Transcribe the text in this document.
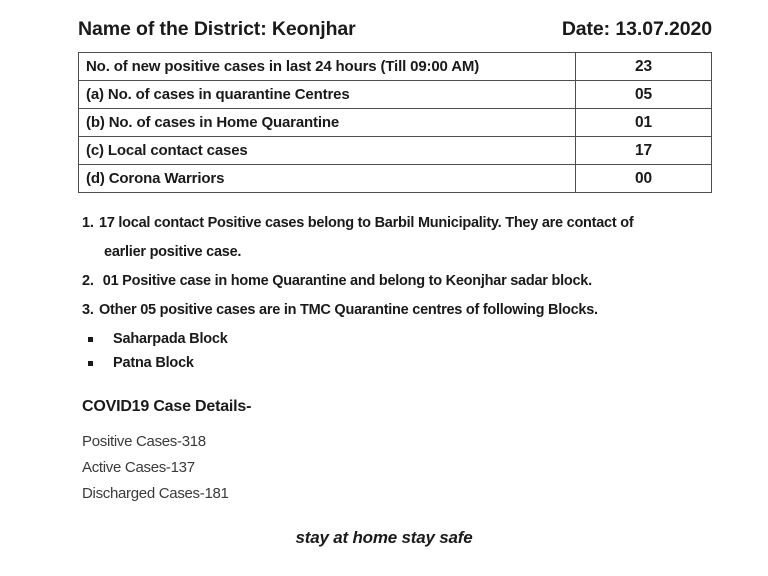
Name of the District: Keonjhar	Date: 13.07.2020
No. of new positive cases in last 24 hours (Till 09:00 AM)	23
(a) No. of cases in quarantine Centres	05
(b) No. of cases in Home Quarantine	01
(c) Local contact cases	17
(d) Corona Warriors	00
1. 17 local contact Positive cases belong to Barbil Municipality. They are contact of
earlier positive case.
2. 01 Positive case in home Quarantine and belong to Keonjhar sadar block.
3. Other 05 positive cases are in TMC Quarantine centres of following Blocks.
Saharpada Block
Patna Block
COVID19 Case Details-
Positive Cases-318
Active Cases-137
Discharged Cases-181
stay at home stay safe
